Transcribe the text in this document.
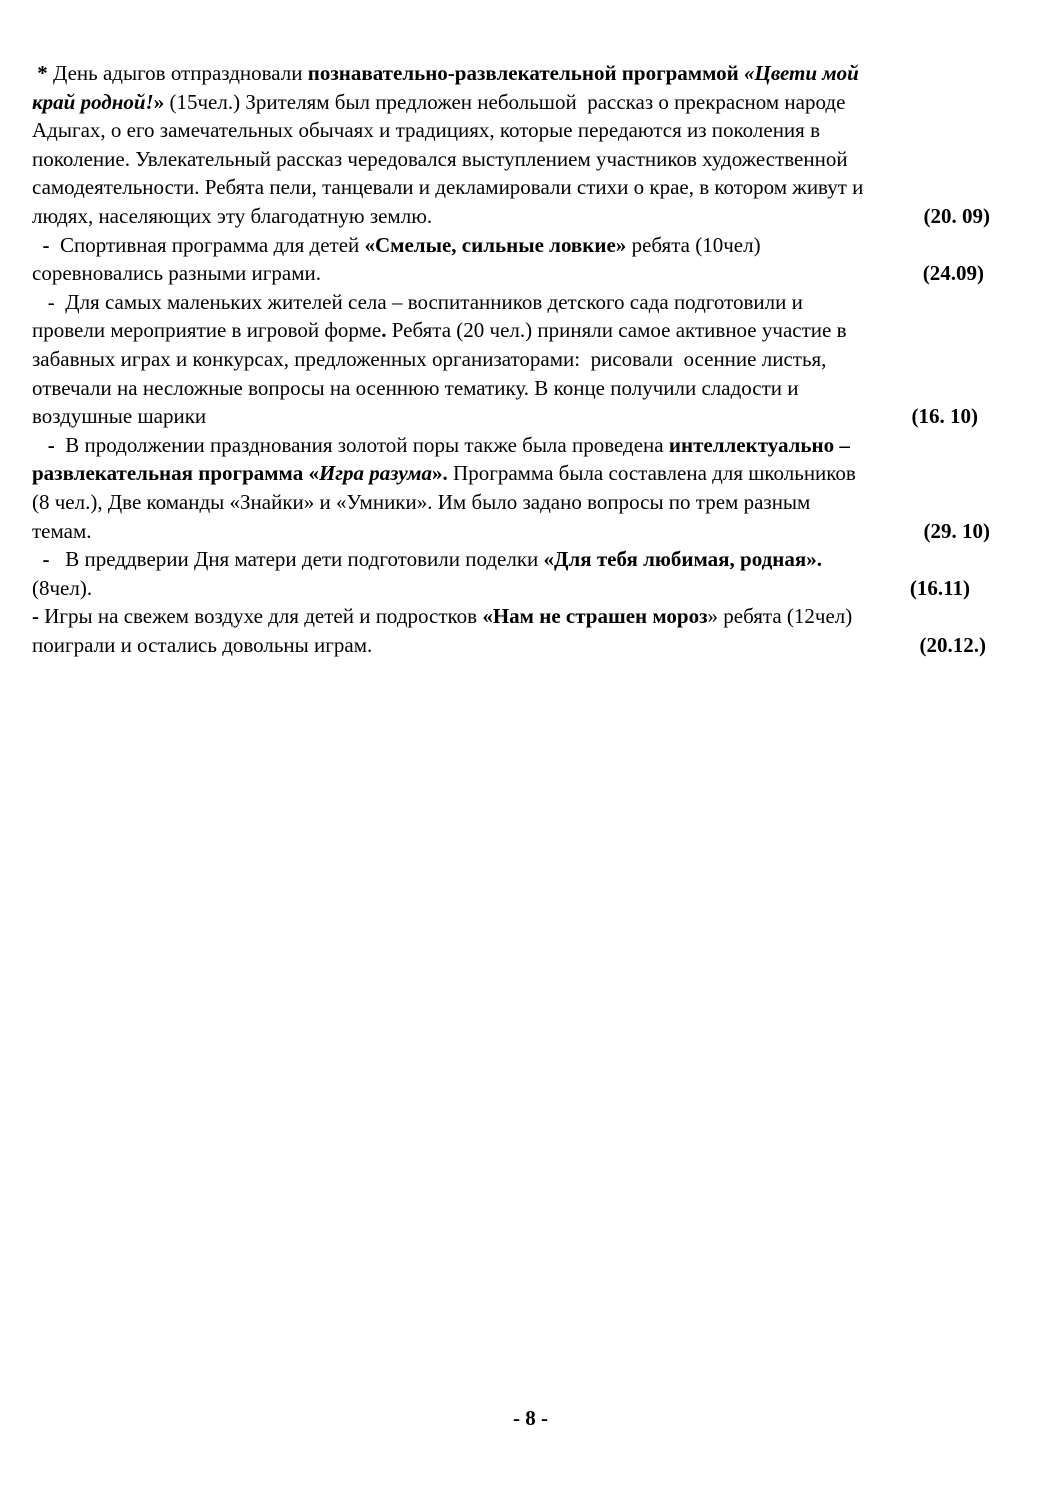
* День адыгов отпраздновали познавательно-развлекательной программой «Цвети мой
край родной!» (15чел.) Зрителям был предложен небольшой  рассказ о прекрасном народе
Адыгах, о его замечательных обычаях и традициях, которые передаются из поколения в
поколение. Увлекательный рассказ чередовался выступлением участников художественной
самодеятельности. Ребята пели, танцевали и декламировали стихи о крае, в котором живут и
людях, населяющих эту благодатную землю.	(20. 09)
-  Спортивная программа для детей «Смелые, сильные ловкие» ребята (10чел)
соревновались разными играми.	(24.09)
-  Для самых маленьких жителей села – воспитанников детского сада подготовили и
провели мероприятие в игровой форме. Ребята (20 чел.) приняли самое активное участие в
забавных играх и конкурсах, предложенных организаторами:  рисовали  осенние листья,
отвечали на несложные вопросы на осеннюю тематику. В конце получили сладости и
воздушные шарики	(16. 10)
-  В продолжении празднования золотой поры также была проведена интеллектуально –
развлекательная программа «Игра разума». Программа была составлена для школьников
(8 чел.), Две команды «Знайки» и «Умники». Им было задано вопросы по трем разным
темам.	(29. 10)
-   В преддверии Дня матери дети подготовили поделки «Для тебя любимая, родная».
(8чел).	(16.11)
- Игры на свежем воздухе для детей и подростков «Нам не страшен мороз» ребята (12чел)
поиграли и остались довольны играм.	(20.12.)
- 8 -
